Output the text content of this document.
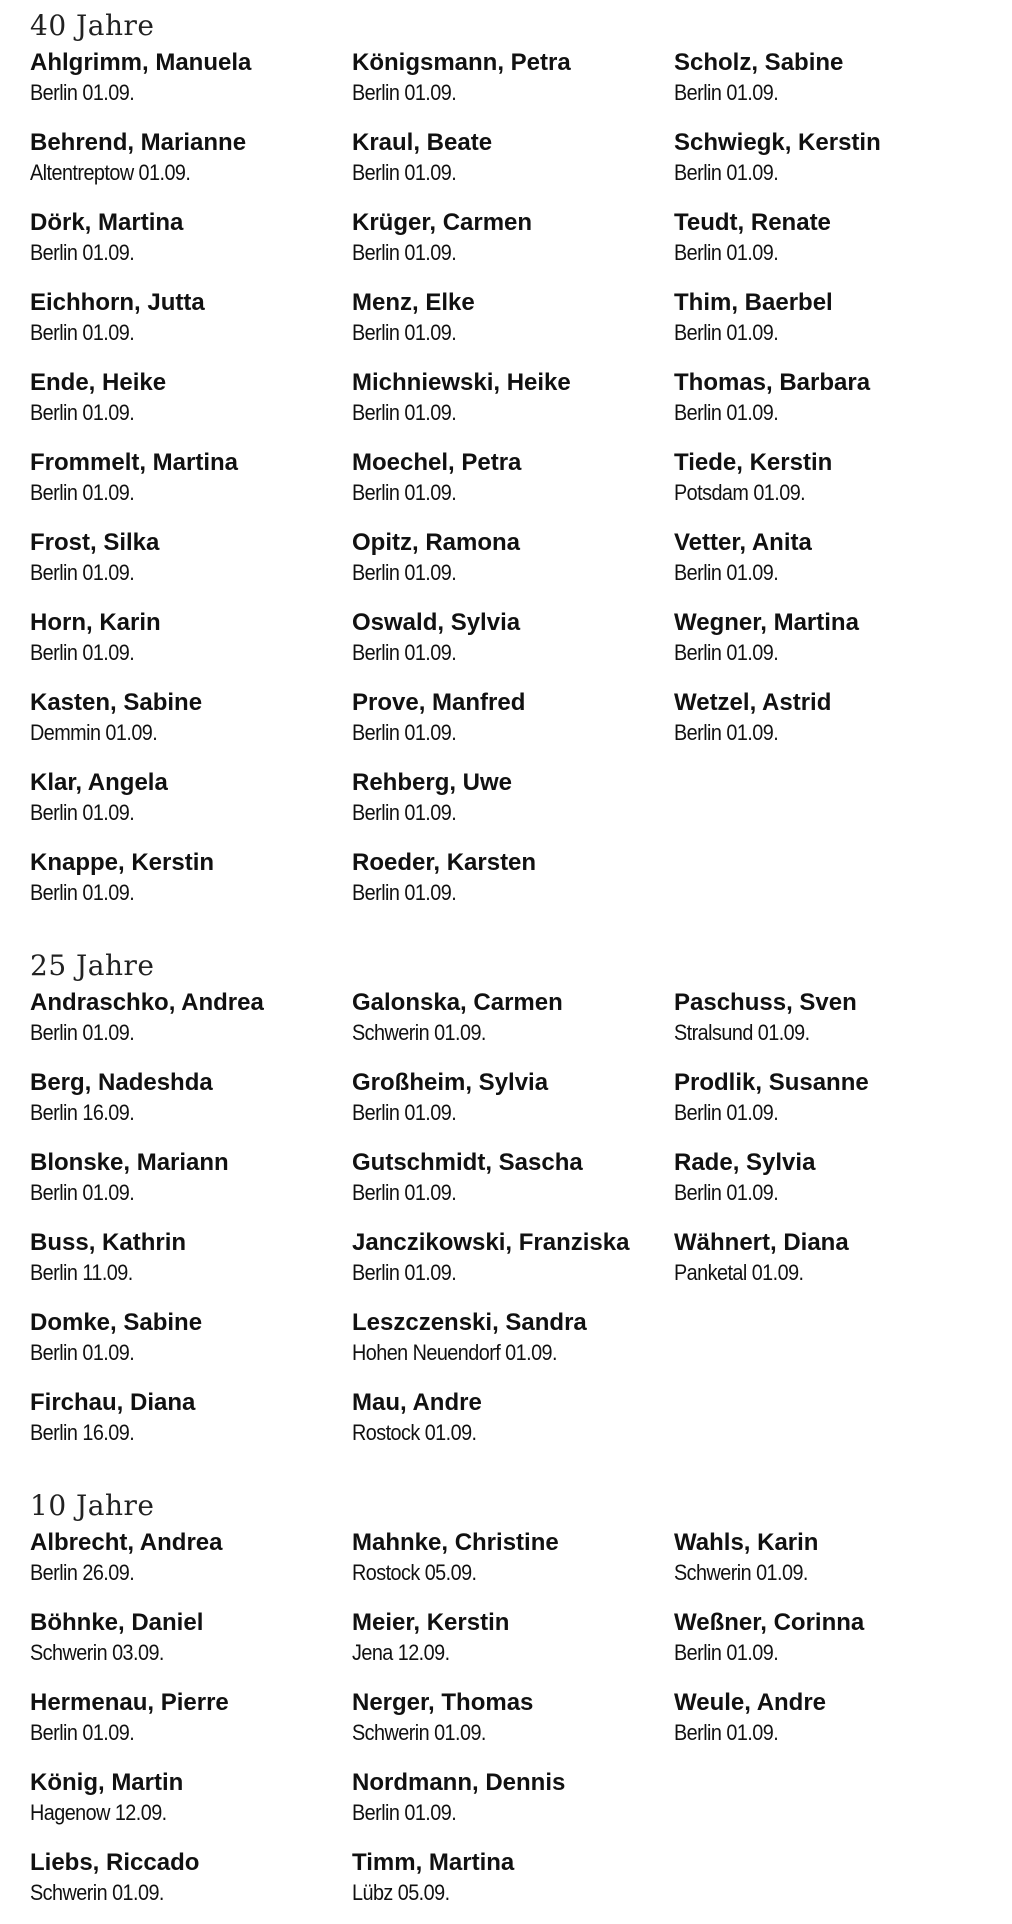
40 Jahre
Ahlgrimm, Manuela
Berlin 01.09.
Behrend, Marianne
Altentreptow 01.09.
Dörk, Martina
Berlin 01.09.
Eichhorn, Jutta
Berlin 01.09.
Ende, Heike
Berlin 01.09.
Frommelt, Martina
Berlin 01.09.
Frost, Silka
Berlin 01.09.
Horn, Karin
Berlin 01.09.
Kasten, Sabine
Demmin 01.09.
Klar, Angela
Berlin 01.09.
Knappe, Kerstin
Berlin 01.09.
Königsmann, Petra
Berlin 01.09.
Kraul, Beate
Berlin 01.09.
Krüger, Carmen
Berlin 01.09.
Menz, Elke
Berlin 01.09.
Michniewski, Heike
Berlin 01.09.
Moechel, Petra
Berlin 01.09.
Opitz, Ramona
Berlin 01.09.
Oswald, Sylvia
Berlin 01.09.
Prove, Manfred
Berlin 01.09.
Rehberg, Uwe
Berlin 01.09.
Roeder, Karsten
Berlin 01.09.
Scholz, Sabine
Berlin 01.09.
Schwiegk, Kerstin
Berlin 01.09.
Teudt, Renate
Berlin 01.09.
Thim, Baerbel
Berlin 01.09.
Thomas, Barbara
Berlin 01.09.
Tiede, Kerstin
Potsdam 01.09.
Vetter, Anita
Berlin 01.09.
Wegner, Martina
Berlin 01.09.
Wetzel, Astrid
Berlin 01.09.
25 Jahre
Andraschko, Andrea
Berlin 01.09.
Berg, Nadeshda
Berlin 16.09.
Blonske, Mariann
Berlin 01.09.
Buss, Kathrin
Berlin 11.09.
Domke, Sabine
Berlin 01.09.
Firchau, Diana
Berlin 16.09.
Galonska, Carmen
Schwerin 01.09.
Großheim, Sylvia
Berlin 01.09.
Gutschmidt, Sascha
Berlin 01.09.
Janczikowski, Franziska
Berlin 01.09.
Leszczenski, Sandra
Hohen Neuendorf 01.09.
Mau, Andre
Rostock 01.09.
Paschuss, Sven
Stralsund 01.09.
Prodlik, Susanne
Berlin 01.09.
Rade, Sylvia
Berlin 01.09.
Wähnert, Diana
Panketal 01.09.
10 Jahre
Albrecht, Andrea
Berlin 26.09.
Böhnke, Daniel
Schwerin 03.09.
Hermenau, Pierre
Berlin 01.09.
König, Martin
Hagenow 12.09.
Liebs, Riccado
Schwerin 01.09.
Mahnke, Christine
Rostock 05.09.
Meier, Kerstin
Jena 12.09.
Nerger, Thomas
Schwerin 01.09.
Nordmann, Dennis
Berlin 01.09.
Timm, Martina
Lübz 05.09.
Wahls, Karin
Schwerin 01.09.
Weßner, Corinna
Berlin 01.09.
Weule, Andre
Berlin 01.09.
